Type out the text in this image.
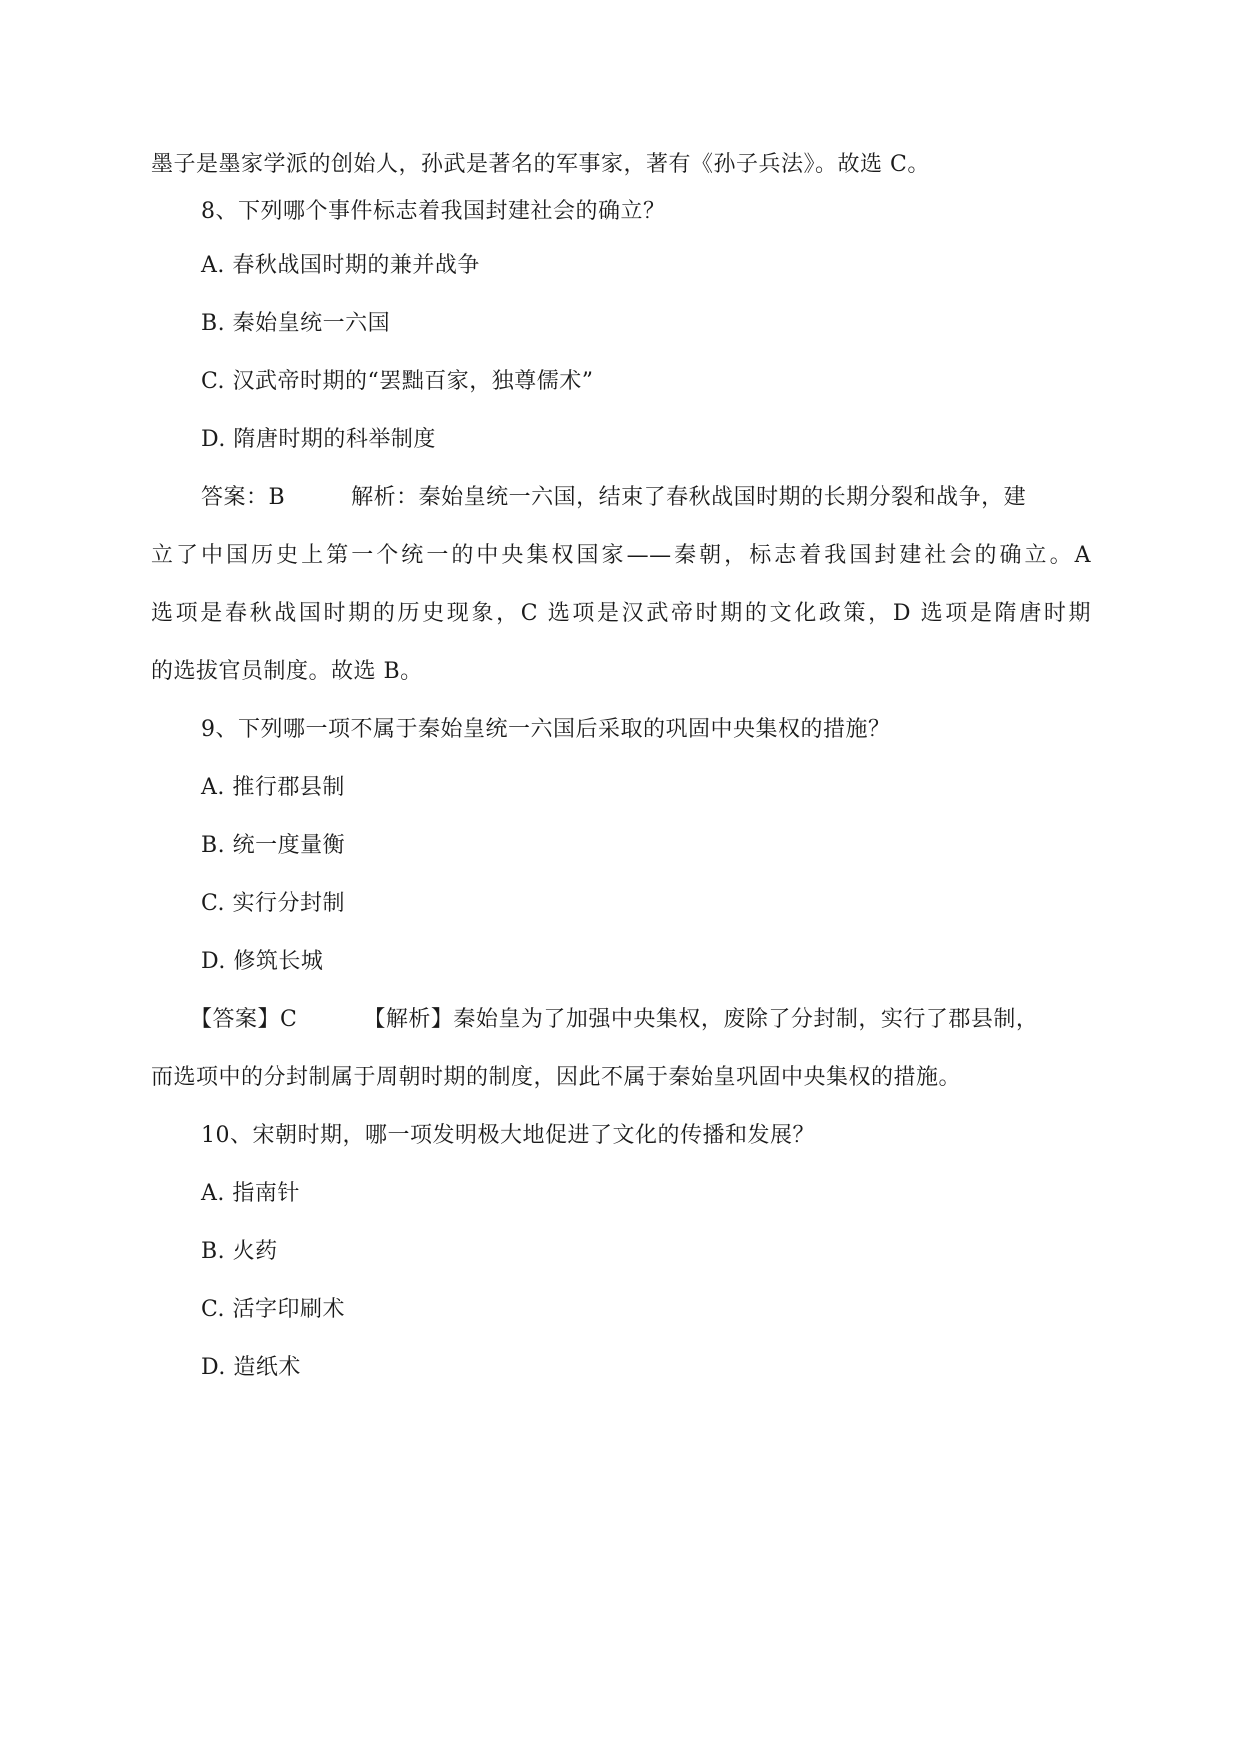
墨子是墨家学派的创始人，孙武是著名的军事家，著有《孙子兵法》。故选 C。
8、下列哪个事件标志着我国封建社会的确立？
A. 春秋战国时期的兼并战争
B. 秦始皇统一六国
C. 汉武帝时期的“罢黜百家，独尊儒术”
D. 隋唐时期的科举制度
答案：B	解析：秦始皇统一六国，结束了春秋战国时期的长期分裂和战争，建
立了中国历史上第一个统一的中央集权国家——秦朝，标志着我国封建社会的确立。A
选项是春秋战国时期的历史现象，C 选项是汉武帝时期的文化政策，D 选项是隋唐时期
的选拔官员制度。故选 B。
9、下列哪一项不属于秦始皇统一六国后采取的巩固中央集权的措施？
A. 推行郡县制
B. 统一度量衡
C. 实行分封制
D. 修筑长城
【答案】C	【解析】秦始皇为了加强中央集权，废除了分封制，实行了郡县制，
而选项中的分封制属于周朝时期的制度，因此不属于秦始皇巩固中央集权的措施。
10、宋朝时期，哪一项发明极大地促进了文化的传播和发展？
A. 指南针
B. 火药
C. 活字印刷术
D. 造纸术
